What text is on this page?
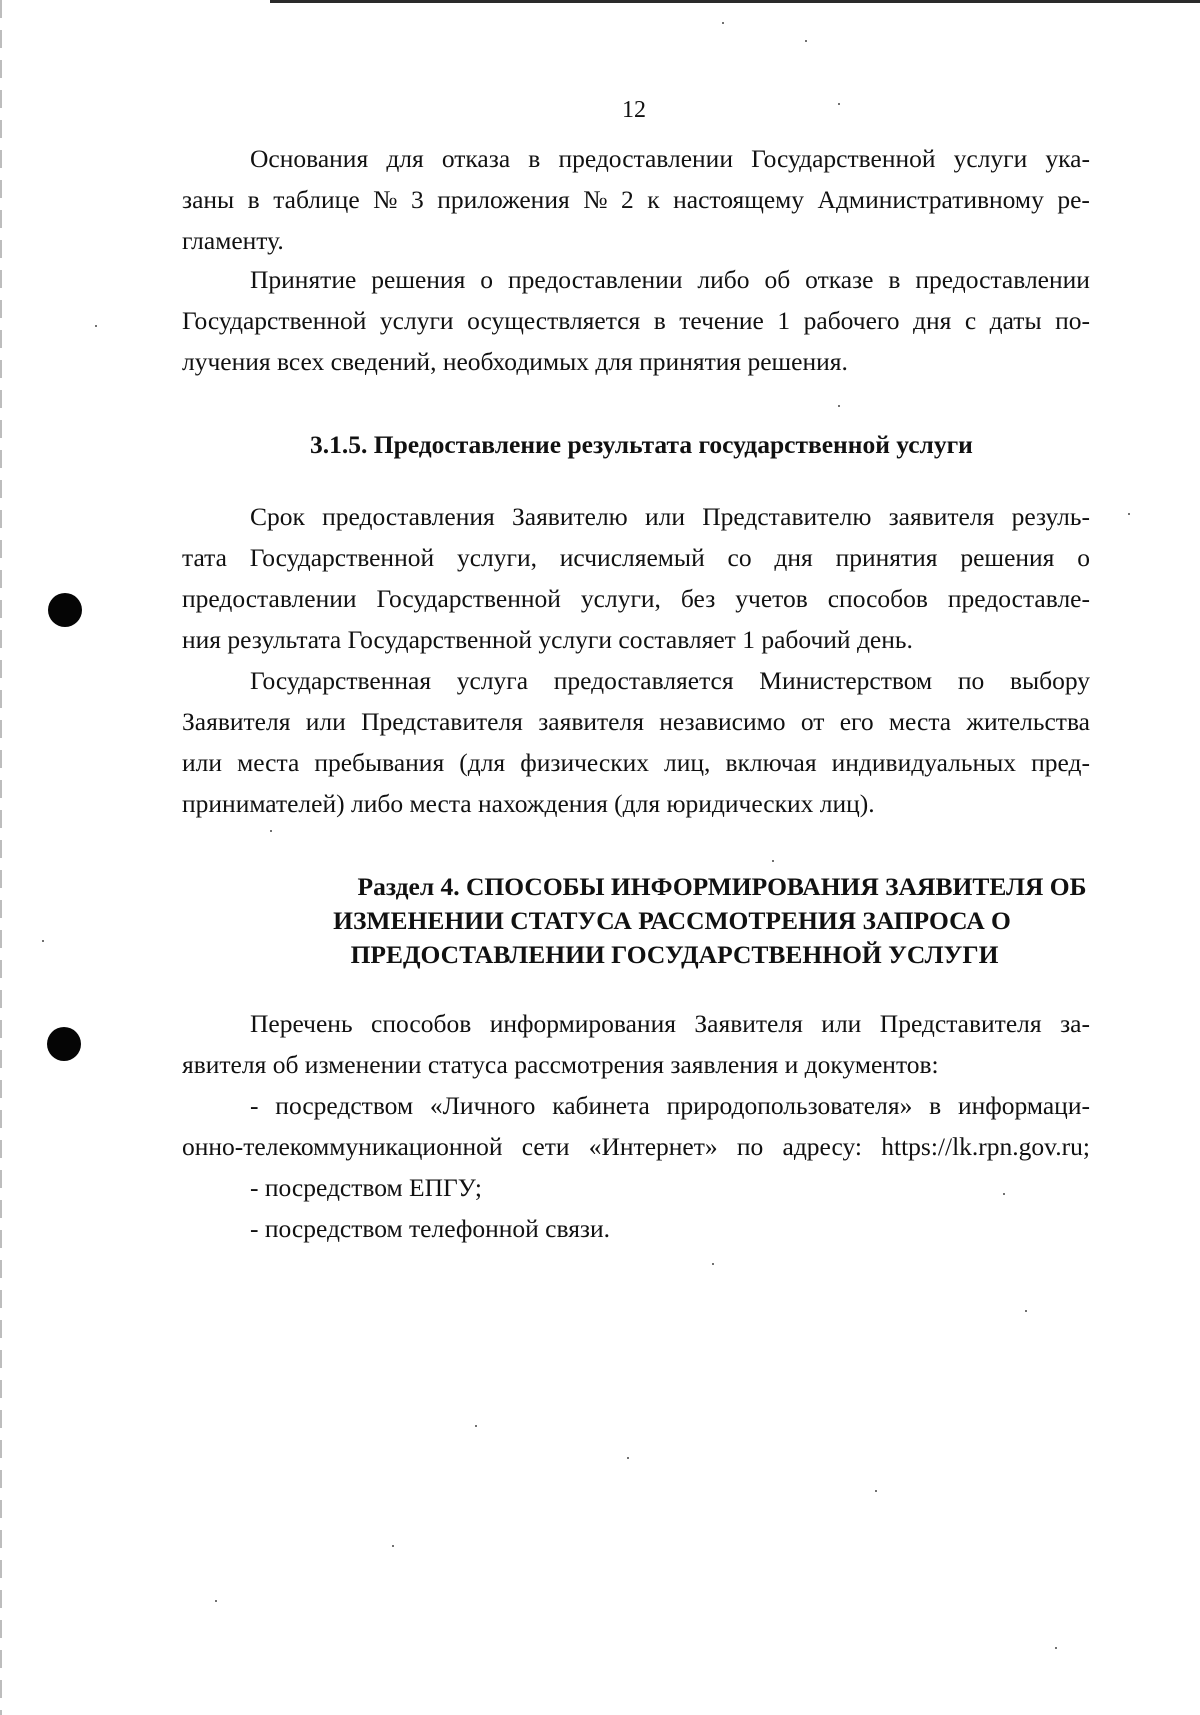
12
Основания для отказа в предоставлении Государственной услуги ука-
заны в таблице № 3 приложения № 2 к настоящему Административному ре-
гламенту.
Принятие решения о предоставлении либо об отказе в предоставлении
Государственной услуги осуществляется в течение 1 рабочего дня с даты по-
лучения всех сведений, необходимых для принятия решения.
3.1.5. Предоставление результата государственной услуги
Срок предоставления Заявителю или Представителю заявителя резуль-
тата Государственной услуги, исчисляемый со дня принятия решения о
предоставлении Государственной услуги, без учетов способов предоставле-
ния результата Государственной услуги составляет 1 рабочий день.
Государственная услуга предоставляется Министерством по выбору
Заявителя или Представителя заявителя независимо от его места жительства
или места пребывания (для физических лиц, включая индивидуальных пред-
принимателей) либо места нахождения (для юридических лиц).
Раздел 4. СПОСОБЫ ИНФОРМИРОВАНИЯ ЗАЯВИТЕЛЯ ОБ
ИЗМЕНЕНИИ СТАТУСА РАССМОТРЕНИЯ ЗАПРОСА О
ПРЕДОСТАВЛЕНИИ ГОСУДАРСТВЕННОЙ УСЛУГИ
Перечень способов информирования Заявителя или Представителя за-
явителя об изменении статуса рассмотрения заявления и документов:
- посредством «Личного кабинета природопользователя» в информаци-
онно-телекоммуникационной сети «Интернет» по адресу: https://lk.rpn.gov.ru;
- посредством ЕПГУ;
- посредством телефонной связи.
